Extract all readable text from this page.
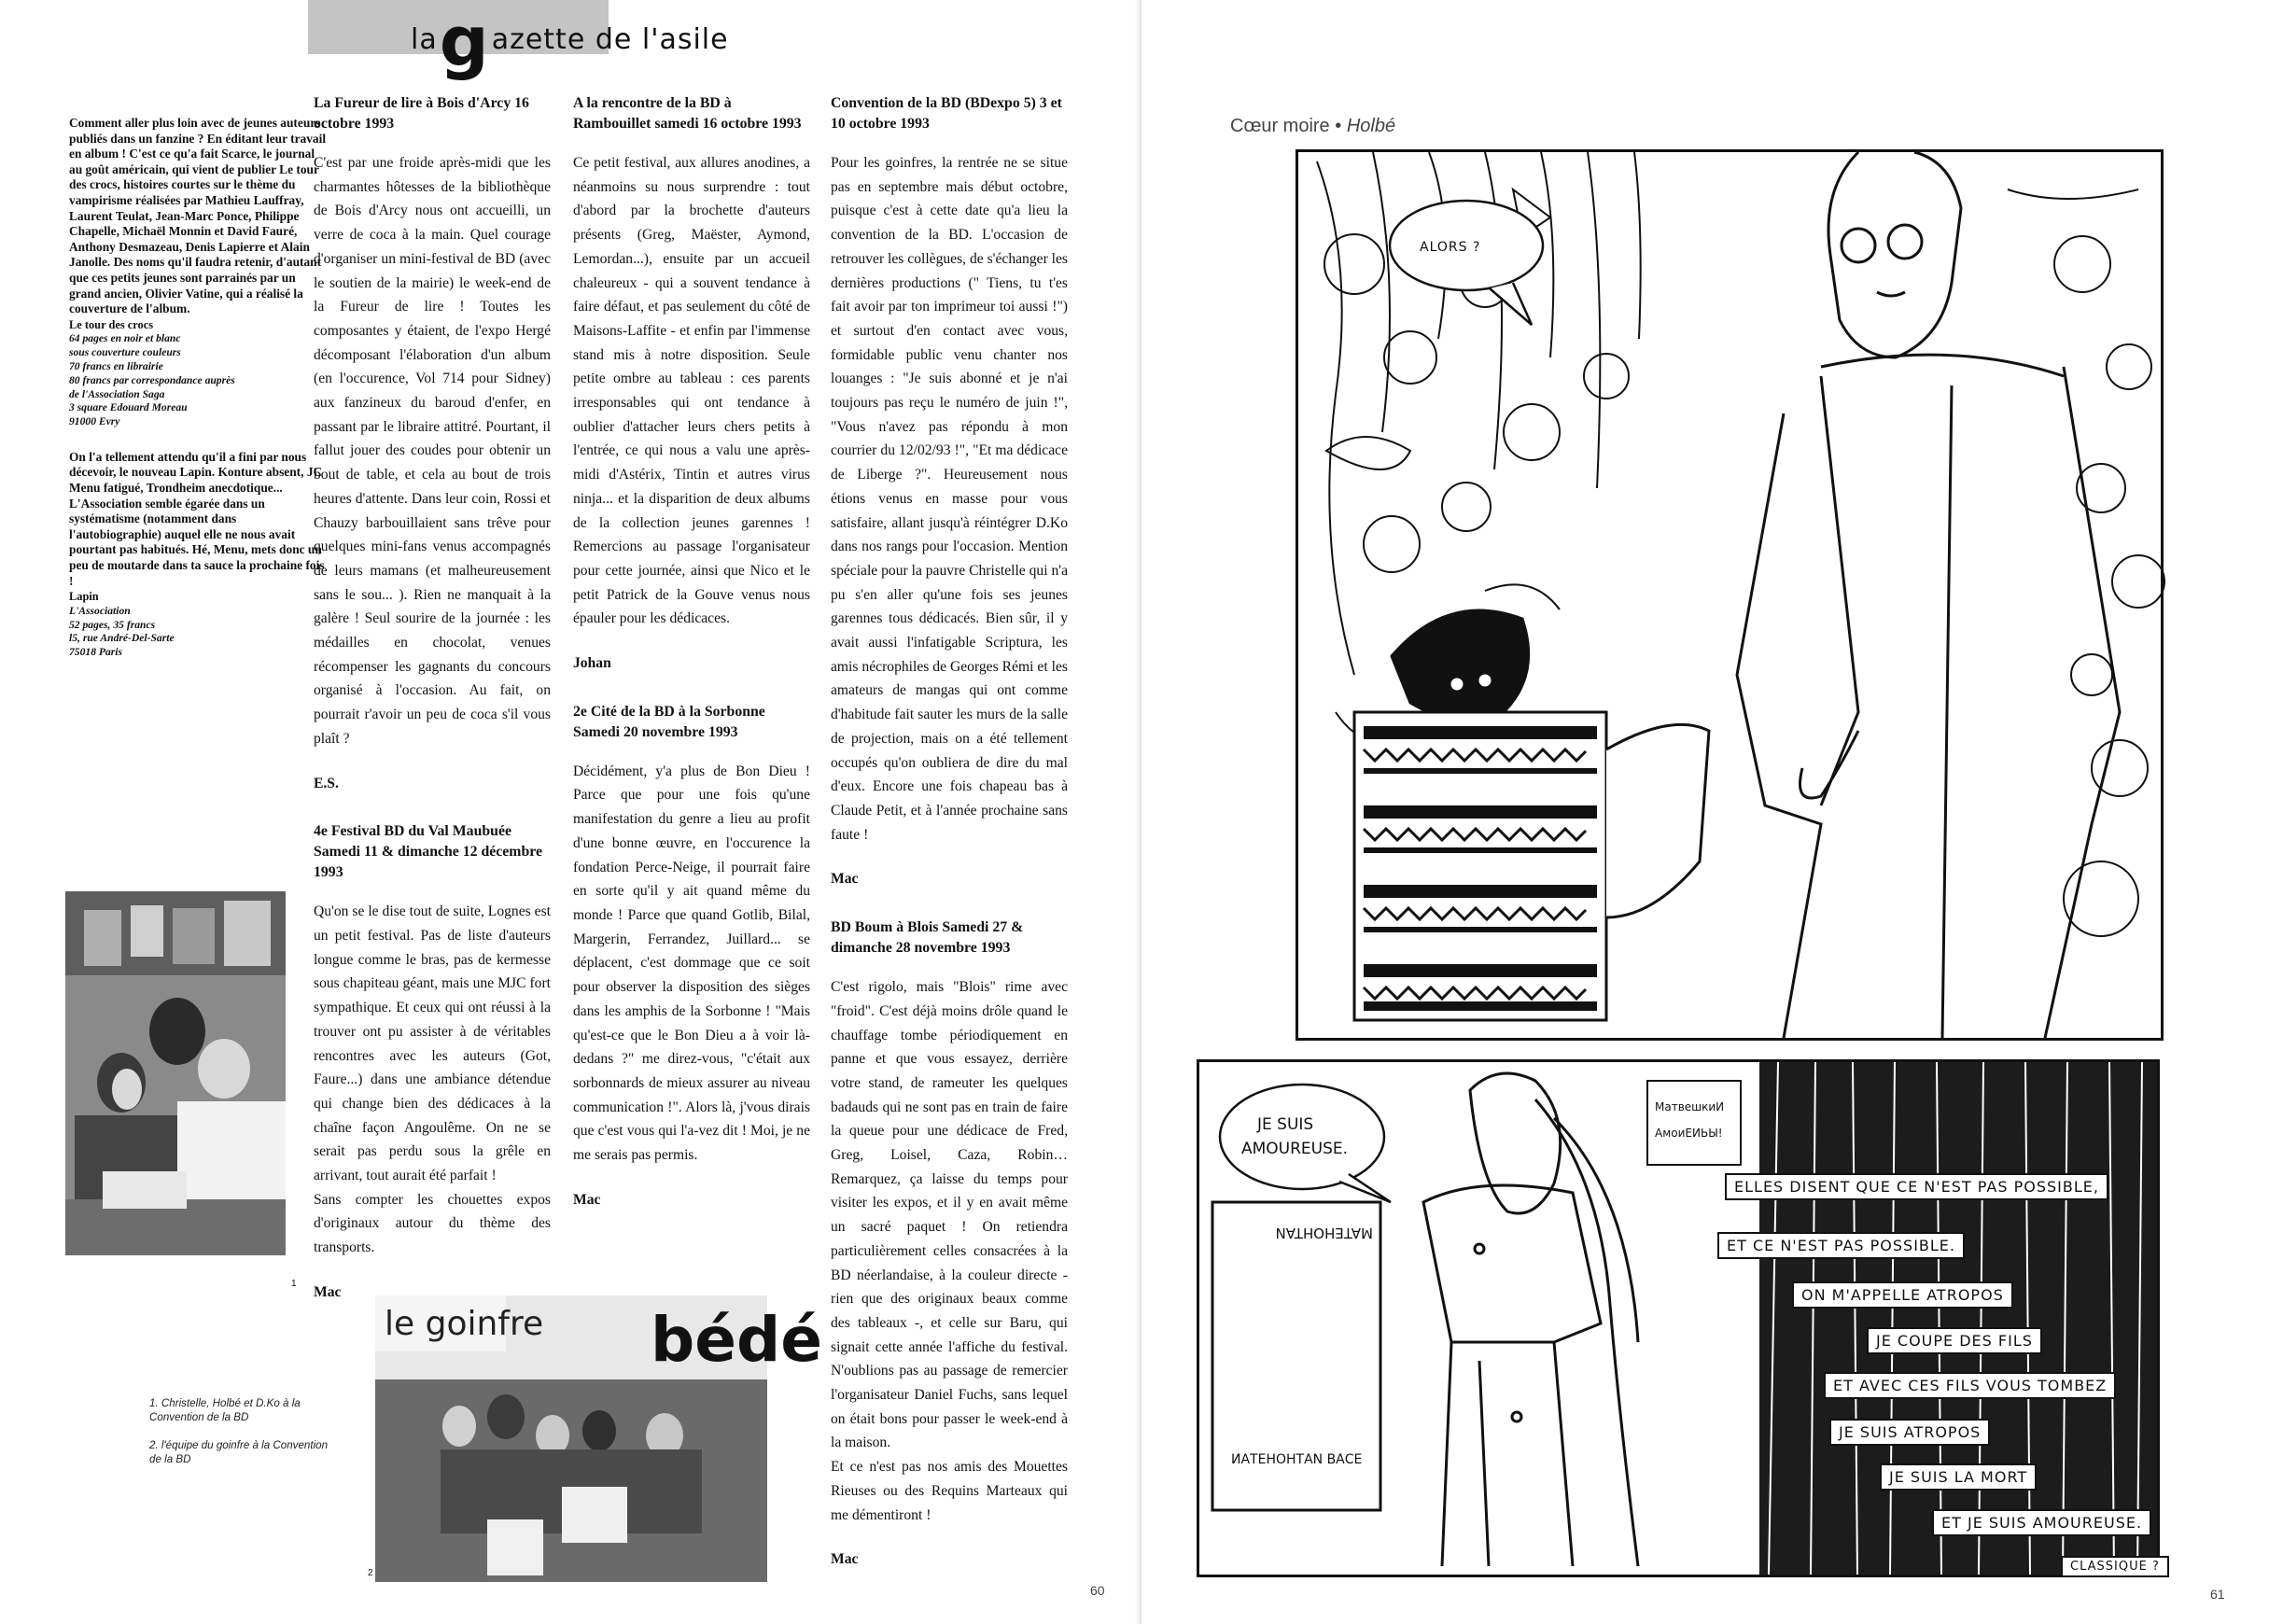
lagazette de l'asile

Comment aller plus loin avec de jeunes auteurs publiés dans un fanzine ? En éditant leur travail en album ! C'est ce qu'a fait Scarce, le journal au goût américain, qui vient de publier Le tour des crocs, histoires courtes sur le thème du vampirisme réalisées par Mathieu Lauffray, Laurent Teulat, Jean-Marc Ponce, Philippe Chapelle, Michaël Monnin et David Fauré, Anthony Desmazeau, Denis Lapierre et Alain Janolle. Des noms qu'il faudra retenir, d'autant que ces petits jeunes sont parrainés par un grand ancien, Olivier Vatine, qui a réalisé la couverture de l'album.

Le tour des crocs

64 pages en noir et blanc
sous couverture couleurs
70 francs en librairie
80 francs par correspondance auprès
de l'Association Saga
3 square Edouard Moreau
91000 Evry

On l'a tellement attendu qu'il a fini par nous décevoir, le nouveau Lapin. Konture absent, JC Menu fatigué, Trondheim anecdotique... L'Association semble égarée dans un systématisme (notamment dans l'autobiographie) auquel elle ne nous avait pourtant pas habitués. Hé, Menu, mets donc un peu de moutarde dans ta sauce la prochaine fois !

Lapin

L'Association
52 pages, 35 francs
l5, rue André-Del-Sarte
75018 Paris
La Fureur de lire à Bois d'Arcy 16 octobre 1993

C'est par une froide après-midi que les charmantes hôtesses de la bibliothèque de Bois d'Arcy nous ont accueilli, un verre de coca à la main. Quel courage d'organiser un mini-festival de BD (avec le soutien de la mairie) le week-end de la Fureur de lire ! Toutes les composantes y étaient, de l'expo Hergé décomposant l'élaboration d'un album (en l'occurence, Vol 714 pour Sidney) aux fanzineux du baroud d'enfer, en passant par le libraire attitré. Pourtant, il fallut jouer des coudes pour obtenir un bout de table, et cela au bout de trois heures d'attente. Dans leur coin, Rossi et Chauzy barbouillaient sans trêve pour quelques mini-fans venus accompagnés de leurs mamans (et malheureusement sans le sou... ). Rien ne manquait à la galère ! Seul sourire de la journée : les médailles en chocolat, venues récompenser les gagnants du concours organisé à l'occasion. Au fait, on pourrait r'avoir un peu de coca s'il vous plaît ?

E.S.

4e Festival BD du Val Maubuée Samedi 11 & dimanche 12 décembre 1993

Qu'on se le dise tout de suite, Lognes est un petit festival. Pas de liste d'auteurs longue comme le bras, pas de kermesse sous chapiteau géant, mais une MJC fort sympathique. Et ceux qui ont réussi à la trouver ont pu assister à de véritables rencontres avec les auteurs (Got, Faure...) dans une ambiance détendue qui change bien des dédicaces à la chaîne façon Angoulême. On ne se serait pas perdu sous la grêle en arrivant, tout aurait été parfait !

Sans compter les chouettes expos d'originaux autour du thème des transports.

Mac

A la rencontre de la BD à Rambouillet samedi 16 octobre 1993

Ce petit festival, aux allures anodines, a néanmoins su nous surprendre : tout d'abord par la brochette d'auteurs présents (Greg, Maëster, Aymond, Lemordan...), ensuite par un accueil chaleureux - qui a souvent tendance à faire défaut, et pas seulement du côté de Maisons-Laffite - et enfin par l'immense stand mis à notre disposition. Seule petite ombre au tableau : ces parents irresponsables qui ont tendance à oublier d'attacher leurs chers petits à l'entrée, ce qui nous a valu une après-midi d'Astérix, Tintin et autres virus ninja... et la disparition de deux albums de la collection jeunes garennes ! Remercions au passage l'organisateur pour cette journée, ainsi que Nico et le petit Patrick de la Gouve venus nous épauler pour les dédicaces.

Johan

2e Cité de la BD à la Sorbonne Samedi 20 novembre 1993

Décidément, y'a plus de Bon Dieu ! Parce que pour une fois qu'une manifestation du genre a lieu au profit d'une bonne œuvre, en l'occurence la fondation Perce-Neige, il pourrait faire en sorte qu'il y ait quand même du monde ! Parce que quand Gotlib, Bilal, Margerin, Ferrandez, Juillard... se déplacent, c'est dommage que ce soit pour observer la disposition des sièges dans les amphis de la Sorbonne ! "Mais qu'est-ce que le Bon Dieu a à voir là-dedans ?" me direz-vous, "c'était aux sorbonnards de mieux assurer au niveau communication !". Alors là, j'vous dirais que c'est vous qui l'a-vez dit ! Moi, je ne me serais pas permis.

Mac

Convention de la BD (BDexpo 5) 3 et 10 octobre 1993

Pour les goinfres, la rentrée ne se situe pas en septembre mais début octobre, puisque c'est à cette date qu'a lieu la convention de la BD. L'occasion de retrouver les collègues, de s'échanger les dernières productions (" Tiens, tu t'es fait avoir par ton imprimeur toi aussi !") et surtout d'en contact avec vous, formidable public venu chanter nos louanges : "Je suis abonné et je n'ai toujours pas reçu le numéro de juin !", "Vous n'avez pas répondu à mon courrier du 12/02/93 !", "Et ma dédicace de Liberge ?". Heureusement nous étions venus en masse pour vous satisfaire, allant jusqu'à réintégrer D.Ko dans nos rangs pour l'occasion. Mention spéciale pour la pauvre Christelle qui n'a pu s'en aller qu'une fois ses jeunes garennes tous dédicacés. Bien sûr, il y avait aussi l'infatigable Scriptura, les amis nécrophiles de Georges Rémi et les amateurs de mangas qui ont comme d'habitude fait sauter les murs de la salle de projection, mais on a été tellement occupés qu'on oubliera de dire du mal d'eux. Encore une fois chapeau bas à Claude Petit, et à l'année prochaine sans faute !

Mac

BD Boum à Blois Samedi 27 & dimanche 28 novembre 1993

C'est rigolo, mais "Blois" rime avec "froid". C'est déjà moins drôle quand le chauffage tombe périodiquement en panne et que vous essayez, derrière votre stand, de rameuter les quelques badauds qui ne sont pas en train de faire la queue pour une dédicace de Fred, Greg, Loisel, Caza, Robin… Remarquez, ça laisse du temps pour visiter les expos, et il y en avait même un sacré paquet ! On retiendra particulièrement celles consacrées à la BD néerlandaise, à la couleur directe - rien que des originaux beaux comme des tableaux -, et celle sur Baru, qui signait cette année l'affiche du festival. N'oublions pas au passage de remercier l'organisateur Daniel Fuchs, sans lequel on était bons pour passer le week-end à la maison.

Et ce n'est pas nos amis des Mouettes Rieuses ou des Requins Marteaux qui me démentiront !

Mac

1
le goinfre bédé
2

1. Christelle, Holbé et D.Ko à la Convention de la BD

2. l'équipe du goinfre à la Convention de la BD

60
Cœur moire • Holbé
ALORS ?
JE SUIS
AMOUREUSE.
MATEHOHTAN
ИАТЕНОНТАN ВАСЕ
МатвешкиИ
АмоиЕИЬЫ!
ELLES DISENT QUE CE N'EST PAS POSSIBLE,
ET CE N'EST PAS POSSIBLE.
ON M'APPELLE ATROPOS
JE COUPE DES FILS
ET AVEC CES FILS VOUS TOMBEZ
JE SUIS ATROPOS
JE SUIS LA MORT
ET JE SUIS AMOUREUSE.
CLASSIQUE ?
61
